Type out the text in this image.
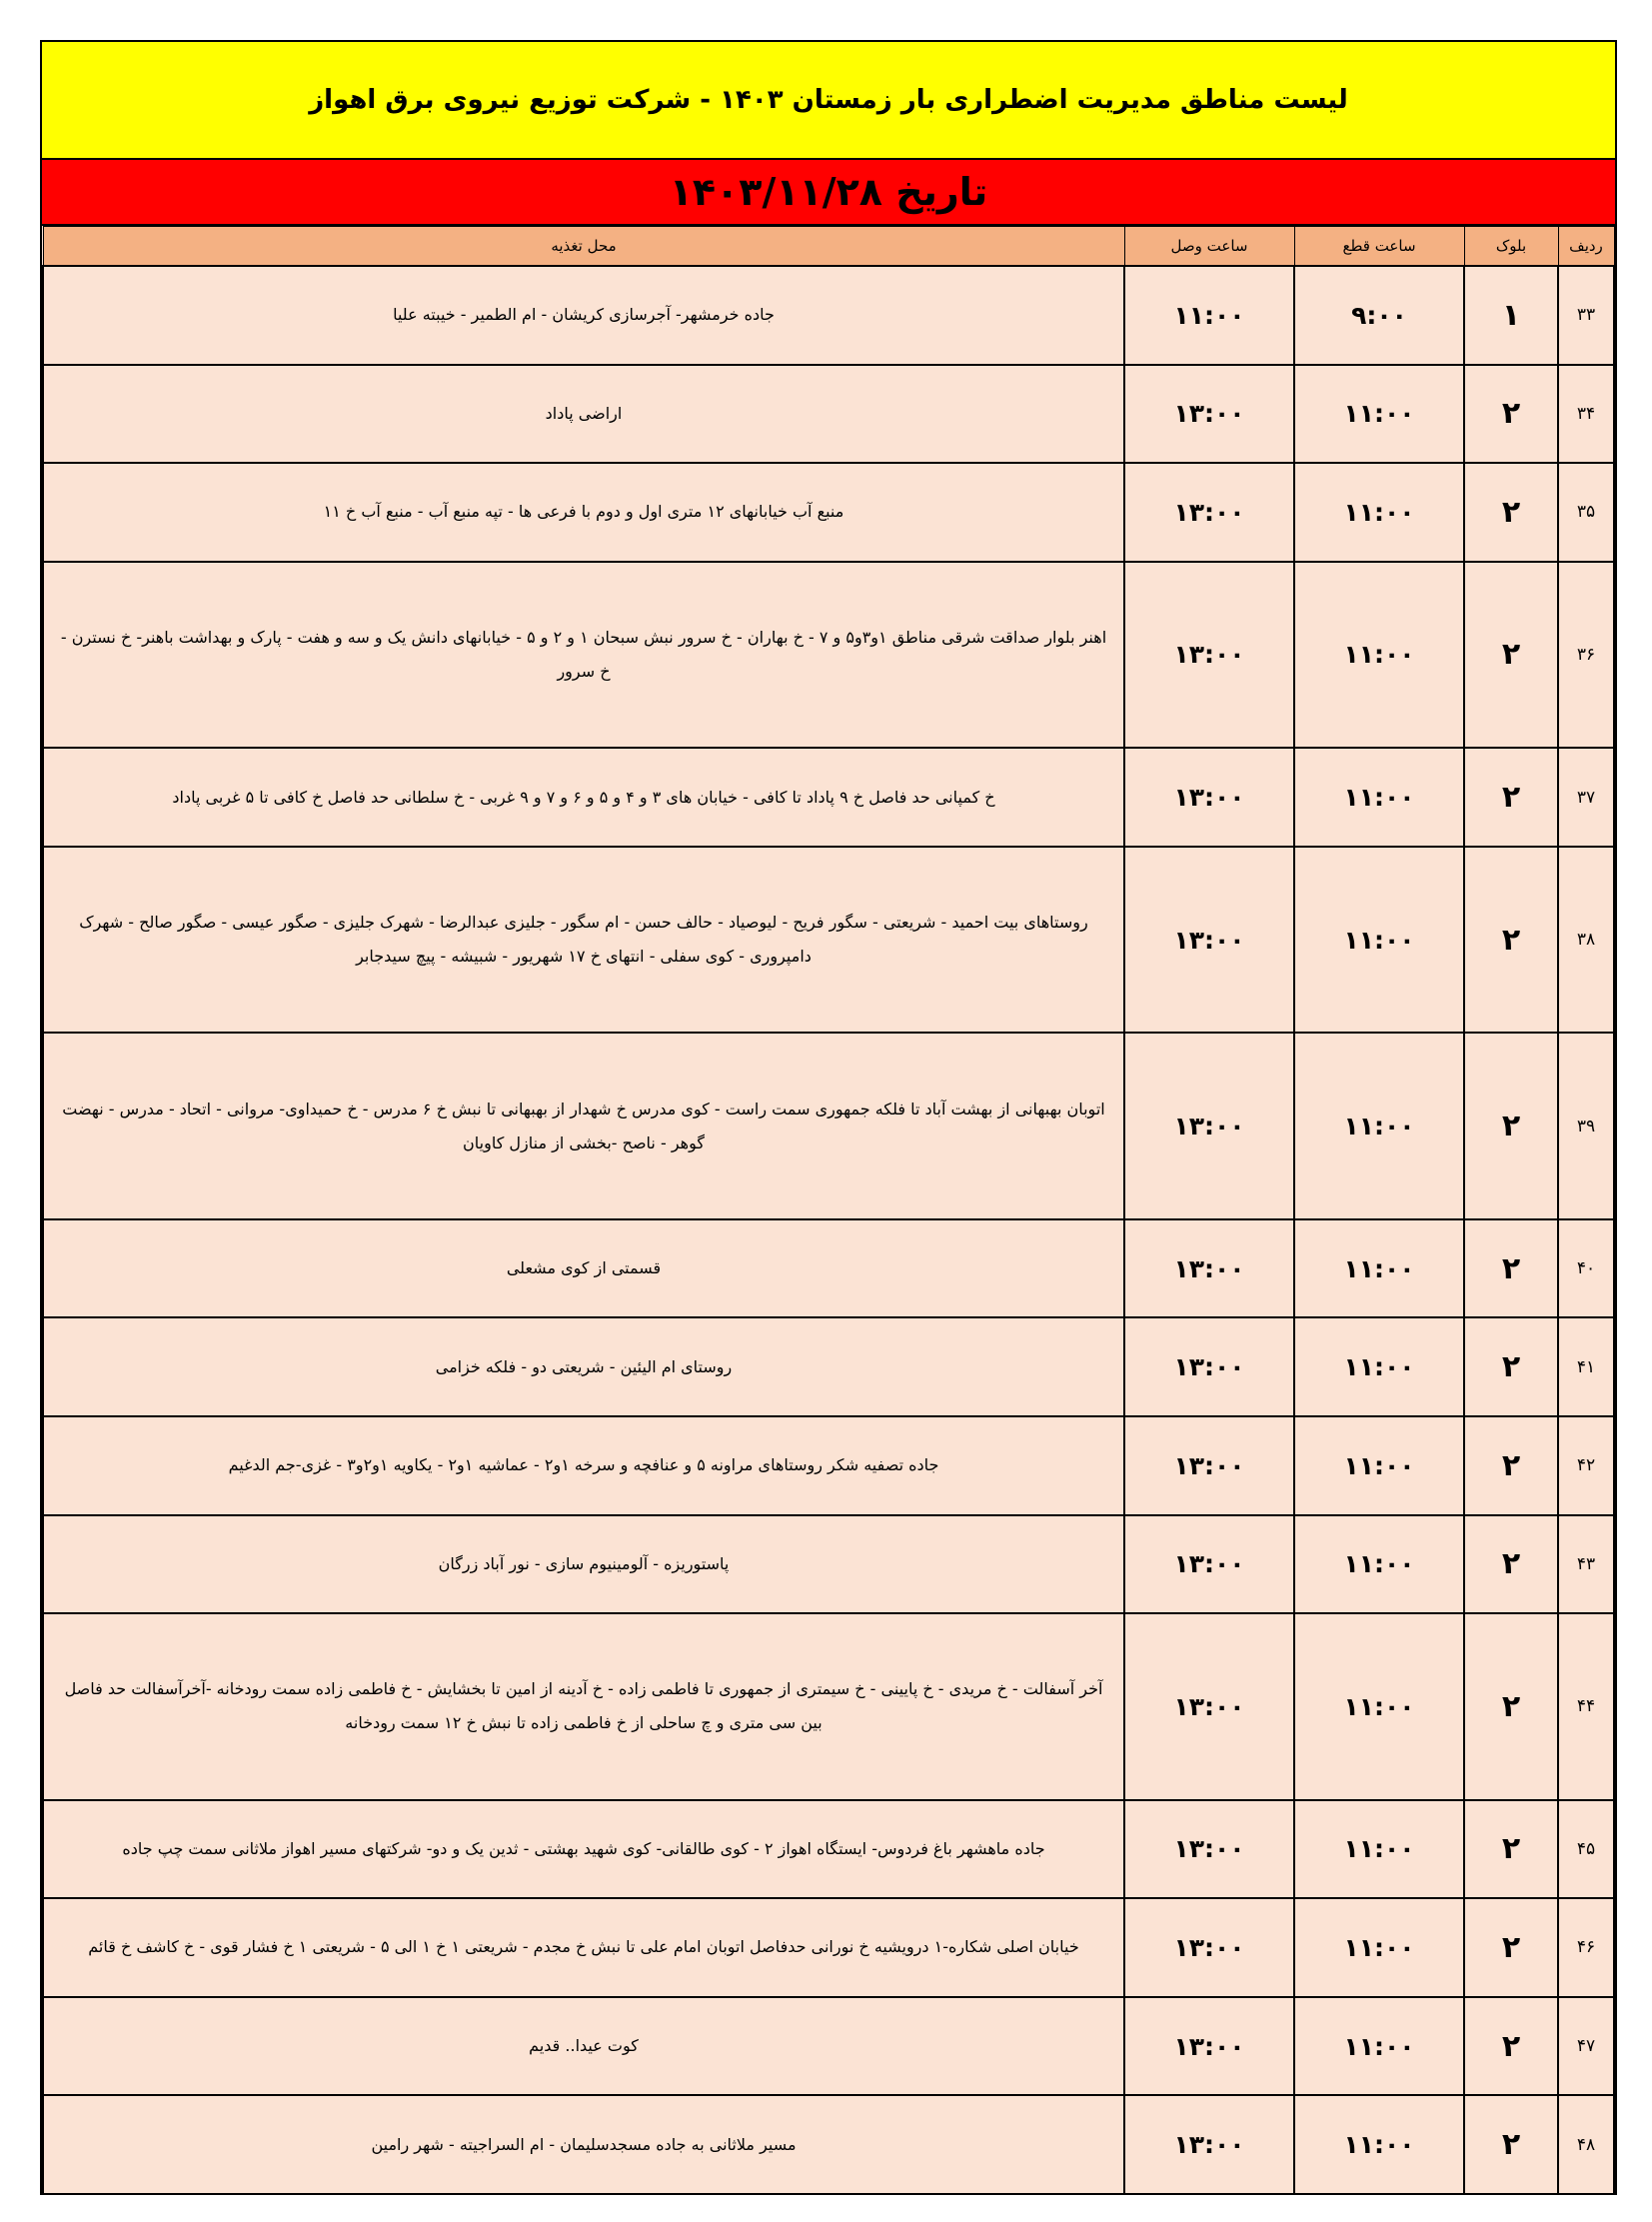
لیست مناطق مدیریت اضطراری بار زمستان ۱۴۰۳ - شرکت توزیع نیروی برق اهواز
تاریخ ۱۴۰۳/۱۱/۲۸
ردیف	بلوک	ساعت قطع	ساعت وصل	محل تغذیه
۳۳	۱	۹:۰۰	۱۱:۰۰	جاده خرمشهر- آجرسازی کریشان - ام الطمیر - خیبته علیا
۳۴	۲	۱۱:۰۰	۱۳:۰۰	اراضی پاداد
۳۵	۲	۱۱:۰۰	۱۳:۰۰	منبع آب خیابانهای ۱۲ متری اول و دوم با فرعی ها - تپه منبع آب - منبع آب خ ۱۱
۳۶	۲	۱۱:۰۰	۱۳:۰۰	اهنر بلوار صداقت شرقی مناطق ۱و۳و۵ و ۷ - خ بهاران - خ سرور نبش سبحان ۱ و ۲ و ۵ - خیابانهای دانش یک و سه و هفت - پارک و بهداشت باهنر- خ نسترن - خ سرور
۳۷	۲	۱۱:۰۰	۱۳:۰۰	خ کمپانی حد فاصل خ ۹ پاداد تا کافی - خیابان های ۳ و ۴ و ۵ و ۶ و ۷ و ۹ غربی - خ سلطانی حد فاصل خ کافی تا ۵ غربی پاداد
۳۸	۲	۱۱:۰۰	۱۳:۰۰	روستاهای بیت احمید - شریعتی - سگور فریح - لیوصیاد - حالف حسن - ام سگور - جلیزی عبدالرضا - شهرک جلیزی - صگور عیسی - صگور صالح - شهرک دامپروری - کوی سفلی - انتهای خ ۱۷ شهریور - شبیشه - پیچ سیدجابر
۳۹	۲	۱۱:۰۰	۱۳:۰۰	اتوبان بهبهانی از بهشت آباد تا فلکه جمهوری سمت راست - کوی مدرس خ شهدار از بهبهانی تا نبش خ ۶ مدرس - خ حمیداوی- مروانی - اتحاد - مدرس - نهضت گوهر - ناصح -بخشی از منازل کاویان
۴۰	۲	۱۱:۰۰	۱۳:۰۰	قسمتی از کوی مشعلی
۴۱	۲	۱۱:۰۰	۱۳:۰۰	روستای ام الیئین - شریعتی دو - فلکه خزامی
۴۲	۲	۱۱:۰۰	۱۳:۰۰	جاده تصفیه شکر روستاهای مراونه ۵ و عنافچه و سرخه ۱و۲ - عماشیه ۱و۲ - یکاویه ۱و۲و۳ - غزی-جم الدغیم
۴۳	۲	۱۱:۰۰	۱۳:۰۰	پاستوریزه - آلومینیوم سازی - نور آباد زرگان
۴۴	۲	۱۱:۰۰	۱۳:۰۰	آخر آسفالت - خ مریدی - خ پایینی - خ سیمتری از جمهوری تا فاطمی زاده - خ آدینه از امین تا بخشایش - خ فاطمی زاده سمت رودخانه -آخرآسفالت حد فاصل بین سی متری و چ ساحلی از خ فاطمی زاده تا نبش خ ۱۲ سمت رودخانه
۴۵	۲	۱۱:۰۰	۱۳:۰۰	جاده ماهشهر باغ فردوس- ایستگاه اهواز ۲ - کوی طالقانی- کوی شهید بهشتی - ثدین یک و دو- شرکتهای مسیر اهواز ملاثانی سمت چپ جاده
۴۶	۲	۱۱:۰۰	۱۳:۰۰	خیابان اصلی شکاره-۱ درویشیه خ نورانی حدفاصل اتوبان امام علی تا نبش خ مجدم - شریعتی ۱ خ ۱ الی ۵ - شریعتی ۱ خ فشار قوی - خ کاشف خ قائم
۴۷	۲	۱۱:۰۰	۱۳:۰۰	کوت عیدا.. قدیم
۴۸	۲	۱۱:۰۰	۱۳:۰۰	مسیر ملاثانی به جاده مسجدسلیمان - ام السراجیته - شهر رامین
